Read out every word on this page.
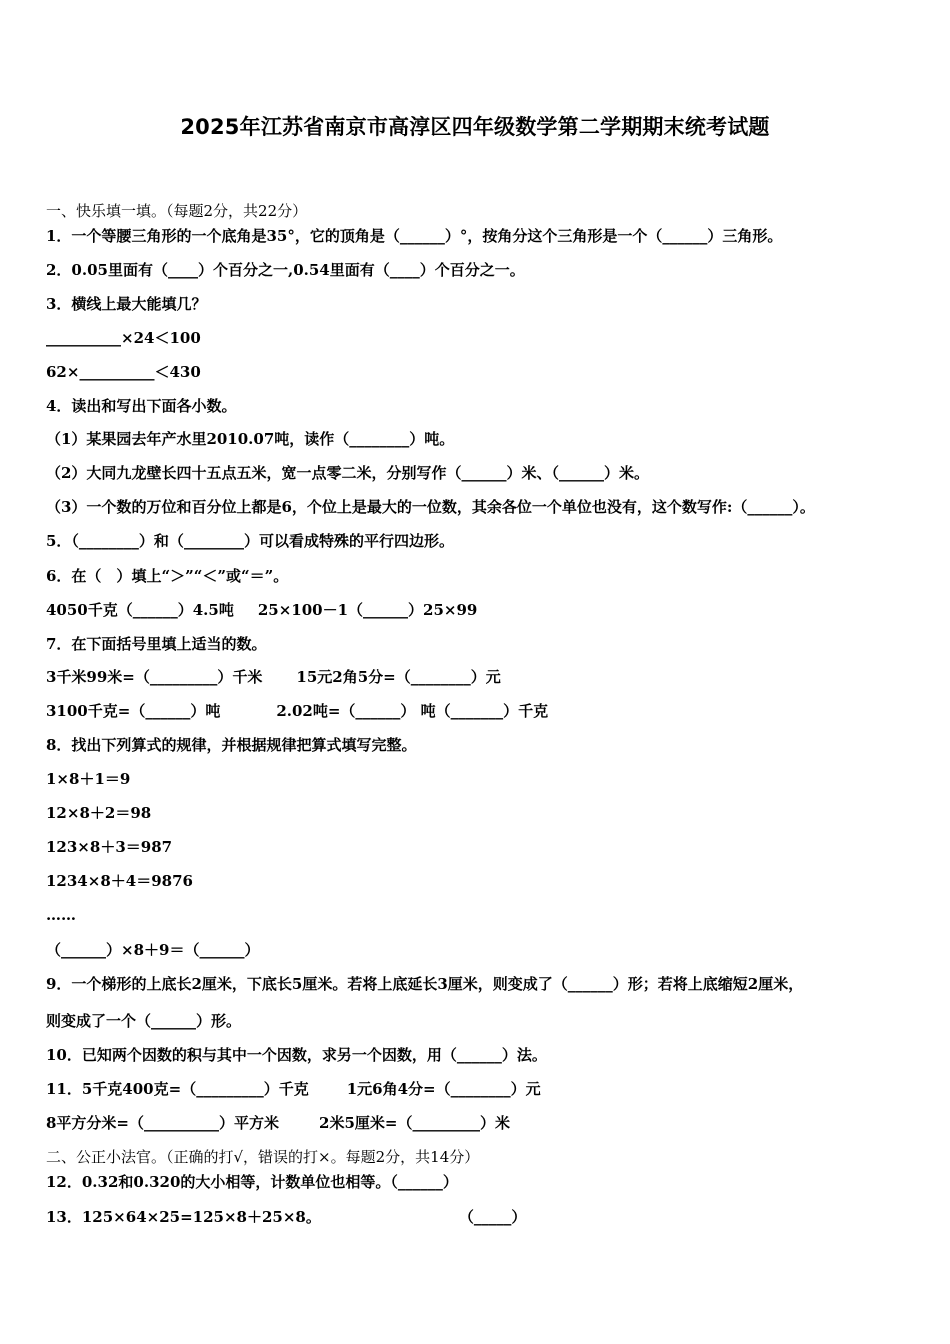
2025年江苏省南京市高淳区四年级数学第二学期期末统考试题
一、快乐填一填。（每题2分，共22分）
1．一个等腰三角形的一个底角是35°，它的顶角是（______）°，按角分这个三角形是一个（______）三角形。
2．0.05里面有（____）个百分之一,0.54里面有（____）个百分之一。
3．横线上最大能填几？
__________×24＜100
62×__________＜430
4．读出和写出下面各小数。
（1）某果园去年产水里2010.07吨，读作（________）吨。
（2）大同九龙壁长四十五点五米，宽一点零二米，分别写作（______）米、（______）米。
（3）一个数的万位和百分位上都是6，个位上是最大的一位数，其余各位一个单位也没有，这个数写作:（______）。
5．（________）和（________）可以看成特殊的平行四边形。
6．在（　）填上“＞”“＜”或“＝”。
4050千克（______）4.5吨 25×100－1（______）25×99
7．在下面括号里填上适当的数。
3千米99米=（_________）千米 15元2角5分=（________）元
3100千克=（______）吨	2.02吨=（______） 吨（_______）千克
8．找出下列算式的规律，并根据规律把算式填写完整。
1×8＋1＝9
12×8＋2＝98
123×8＋3＝987
1234×8＋4＝9876
……
（______）×8＋9＝（______）
9．一个梯形的上底长2厘米，下底长5厘米。若将上底延长3厘米，则变成了（______）形；若将上底缩短2厘米，
则变成了一个（______）形。
10．已知两个因数的积与其中一个因数，求另一个因数，用（______）法。
11．5千克400克=（_________）千克	1元6角4分=（________）元
8平方分米=（__________）平方米	2米5厘米=（_________）米
二、公正小法官。（正确的打√，错误的打×。每题2分，共14分）
12．0.32和0.320的大小相等，计数单位也相等。（______）
13．125×64×25=125×8＋25×8。	（_____）
